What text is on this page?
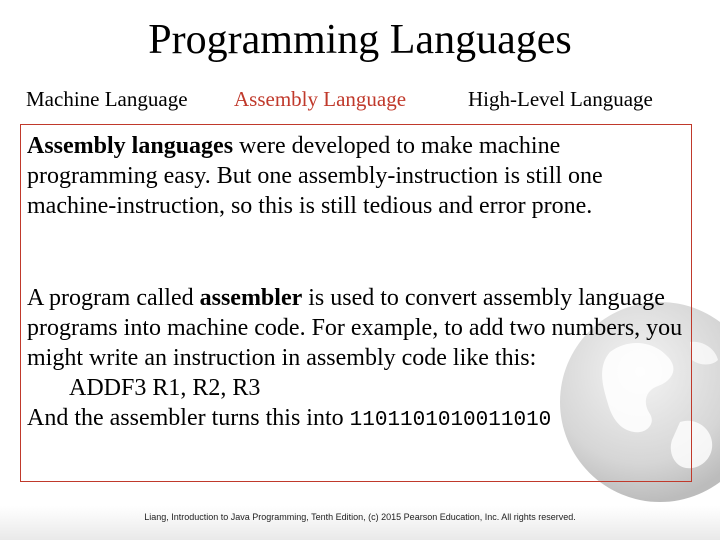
Programming Languages
Machine Language Assembly Language	High-Level Language

Assembly languages were developed to make machine programming easy. But one assembly-instruction is still one machine-instruction, so this is still tedious and error prone.

A program called assembler is used to convert assembly language programs into machine code. For example, to add two numbers, you might write an instruction in assembly code like this:
ADDF3 R1, R2, R3
And the assembler turns this into 1101101010011010

Liang, Introduction to Java Programming, Tenth Edition, (c) 2015 Pearson Education, Inc. All rights reserved.
